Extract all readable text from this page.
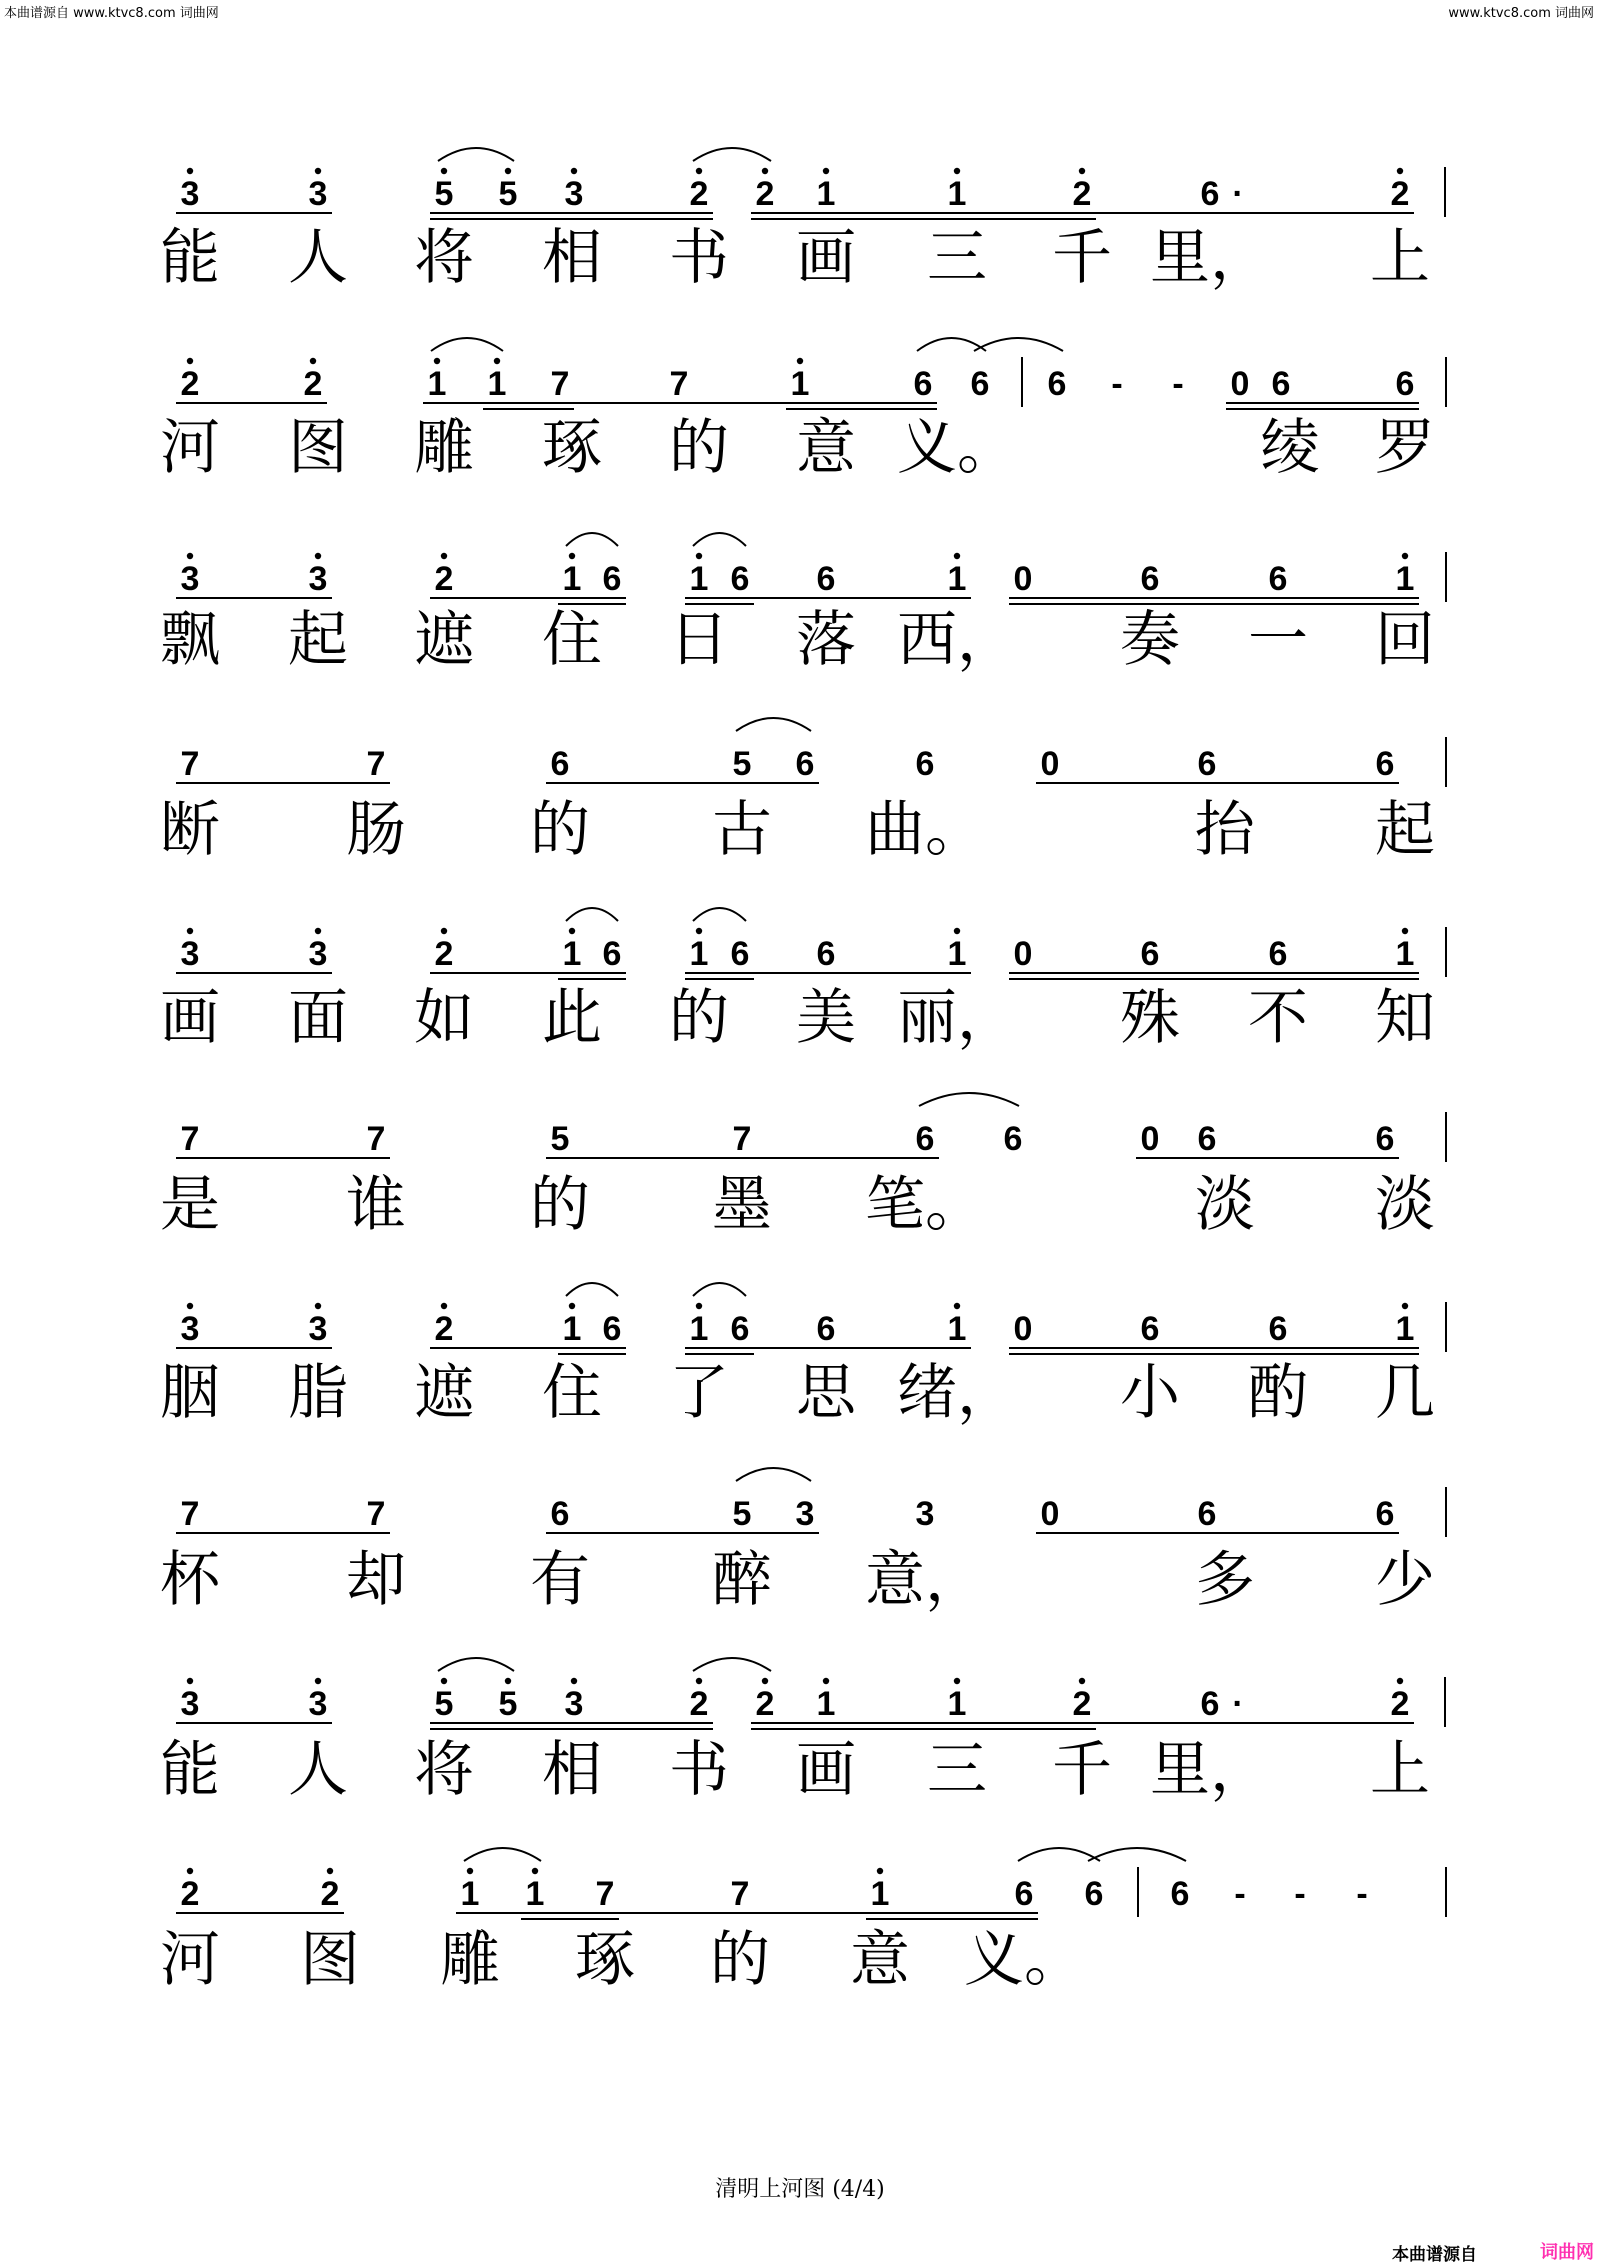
本曲谱源自 www.ktvc8.com 词曲网	www.ktvc8.com 词曲网
3	3	5 5 3	2 2 1	1	2	6 ·	2
能 人 将 相 书 画 三 千 里， 上
2	2	1 1 7	7	1	6 6 6 - - 0 6	6
河 图 雕 琢 的 意 义。	绫 罗
3	3	2	1 6 1 6 6	1 0	6	6	1
飘 起 遮 住 日 落 西， 奏 一 回
7	7	6	5 6	6	0	6	6
断 肠 的 古 曲。	抬 起
3	3	2	1 6 1 6 6	1 0	6	6	1
画 面 如 此 的 美 丽， 殊 不 知
7	7	5	7	6 6	0 6	6
是 谁 的 墨 笔。	淡 淡
3	3	2	1 6 1 6 6	1 0	6	6	1
胭 脂 遮 住 了 思 绪， 小 酌 几
7	7	6	5 3	3	0	6	6
杯 却 有 醉 意，	多 少
3	3	5 5 3	2 2 1	1	2	6 ·	2
能 人 将 相 书 画 三 千 里， 上
2	2	1 1 7	7	1	6 6 6 - - -
河 图 雕 琢 的 意 义。
清明上河图 (4/4)
本曲谱源自	词曲网
